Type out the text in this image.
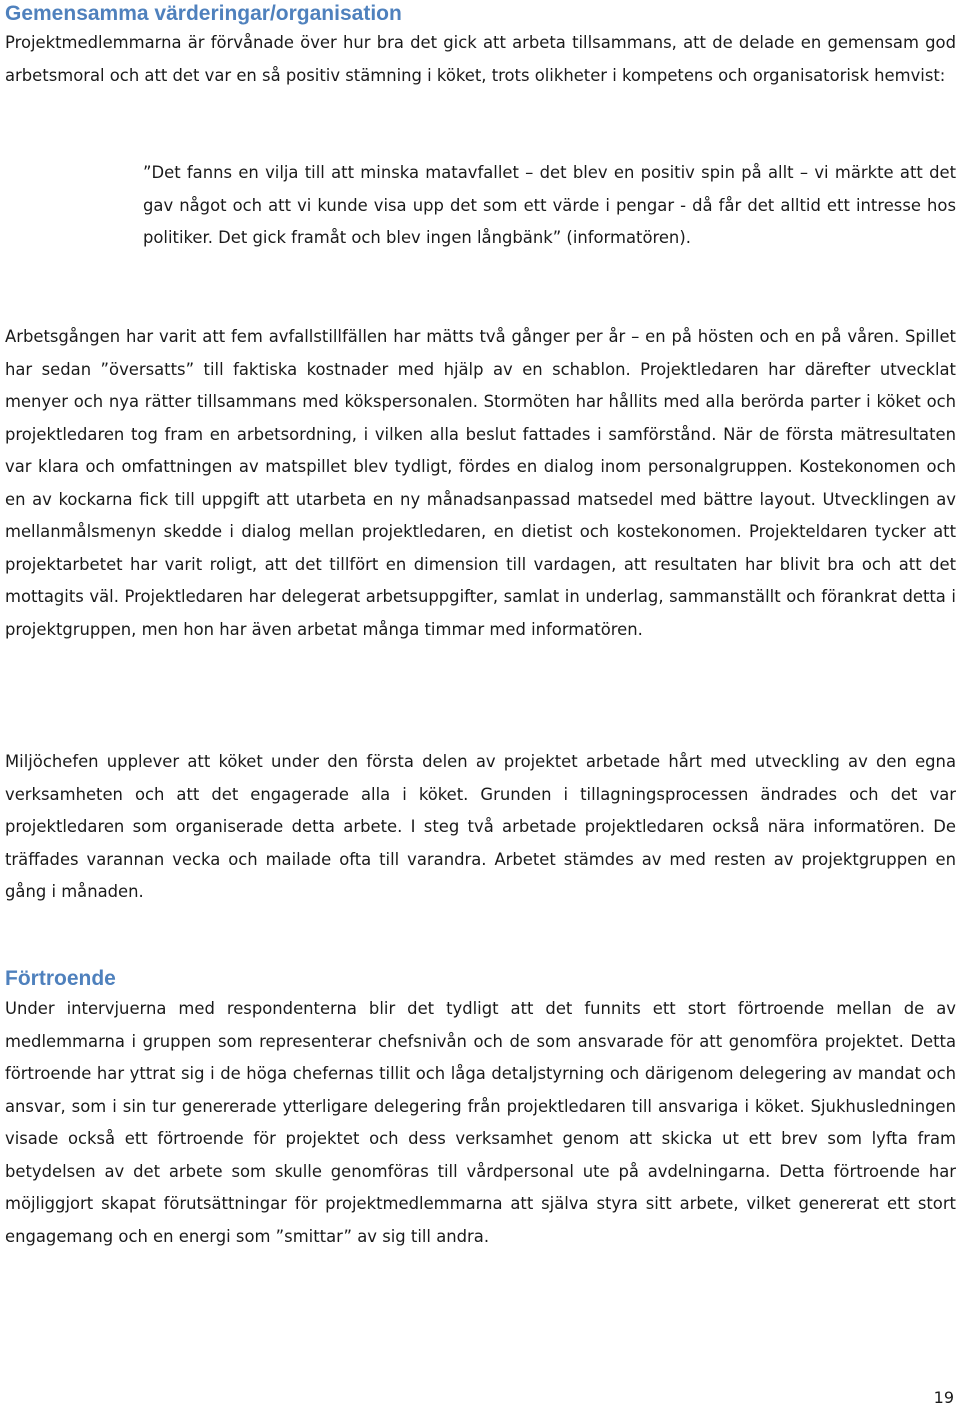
Gemensamma värderingar/organisation

Projektmedlemmarna är förvånade över hur bra det gick att arbeta tillsammans, att de delade en gemensam god arbetsmoral och att det var en så positiv stämning i köket, trots olikheter i kompetens och organisatorisk hemvist:

”Det fanns en vilja till att minska matavfallet – det blev en positiv spin på allt – vi märkte att det gav något och att vi kunde visa upp det som ett värde i pengar - då får det alltid ett intresse hos politiker. Det gick framåt och blev ingen långbänk” (informatören).

Arbetsgången har varit att fem avfallstillfällen har mätts två gånger per år – en på hösten och en på våren. Spillet har sedan ”översatts” till faktiska kostnader med hjälp av en schablon. Projektledaren har därefter utvecklat menyer och nya rätter tillsammans med kökspersonalen. Stormöten har hållits med alla berörda parter i köket och projektledaren tog fram en arbetsordning, i vilken alla beslut fattades i samförstånd. När de första mätresultaten var klara och omfattningen av matspillet blev tydligt, fördes en dialog inom personalgruppen. Kostekonomen och en av kockarna fick till uppgift att utarbeta en ny månadsanpassad matsedel med bättre layout. Utvecklingen av mellanmålsmenyn skedde i dialog mellan projektledaren, en dietist och kostekonomen. Projekteldaren tycker att projektarbetet har varit roligt, att det tillfört en dimension till vardagen, att resultaten har blivit bra och att det mottagits väl. Projektledaren har delegerat arbetsuppgifter, samlat in underlag, sammanställt och förankrat detta i projektgruppen, men hon har även arbetat många timmar med informatören.

Miljöchefen upplever att köket under den första delen av projektet arbetade hårt med utveckling av den egna verksamheten och att det engagerade alla i köket. Grunden i tillagningsprocessen ändrades och det var projektledaren som organiserade detta arbete. I steg två arbetade projektledaren också nära informatören. De träffades varannan vecka och mailade ofta till varandra. Arbetet stämdes av med resten av projektgruppen en gång i månaden.

Förtroende

Under intervjuerna med respondenterna blir det tydligt att det funnits ett stort förtroende mellan de av medlemmarna i gruppen som representerar chefsnivån och de som ansvarade för att genomföra projektet. Detta förtroende har yttrat sig i de höga chefernas tillit och låga detaljstyrning och därigenom delegering av mandat och ansvar, som i sin tur genererade ytterligare delegering från projektledaren till ansvariga i köket. Sjukhusledningen visade också ett förtroende för projektet och dess verksamhet genom att skicka ut ett brev som lyfta fram betydelsen av det arbete som skulle genomföras till vårdpersonal ute på avdelningarna. Detta förtroende har möjliggjort skapat förutsättningar för projektmedlemmarna att själva styra sitt arbete, vilket genererat ett stort engagemang och en energi som ”smittar” av sig till andra.

19
